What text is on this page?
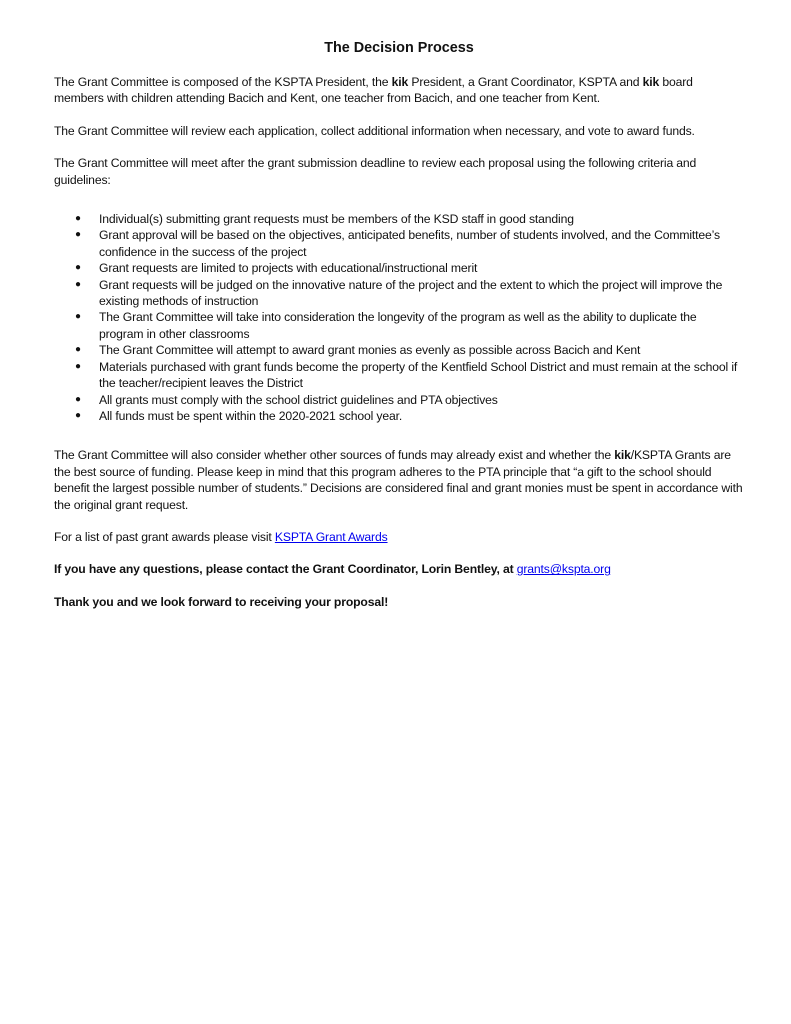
The Decision Process

The Grant Committee is composed of the KSPTA President, the kik President, a Grant Coordinator, KSPTA and kik board members with children attending Bacich and Kent, one teacher from Bacich, and one teacher from Kent.

The Grant Committee will review each application, collect additional information when necessary, and vote to award funds.

The Grant Committee will meet after the grant submission deadline to review each proposal using the following criteria and guidelines:

● Individual(s) submitting grant requests must be members of the KSD staff in good standing
● Grant approval will be based on the objectives, anticipated benefits, number of students involved, and the Committee’s confidence in the success of the project
● Grant requests are limited to projects with educational/instructional merit
● Grant requests will be judged on the innovative nature of the project and the extent to which the project will improve the existing methods of instruction
● The Grant Committee will take into consideration the longevity of the program as well as the ability to duplicate the program in other classrooms
● The Grant Committee will attempt to award grant monies as evenly as possible across Bacich and Kent
● Materials purchased with grant funds become the property of the Kentfield School District and must remain at the school if the teacher/recipient leaves the District
● All grants must comply with the school district guidelines and PTA objectives
● All funds must be spent within the 2020-2021 school year.

The Grant Committee will also consider whether other sources of funds may already exist and whether the kik/KSPTA Grants are the best source of funding. Please keep in mind that this program adheres to the PTA principle that “a gift to the school should benefit the largest possible number of students.” Decisions are considered final and grant monies must be spent in accordance with the original grant request.

For a list of past grant awards please visit KSPTA Grant Awards

If you have any questions, please contact the Grant Coordinator, Lorin Bentley, at grants@kspta.org

Thank you and we look forward to receiving your proposal!
